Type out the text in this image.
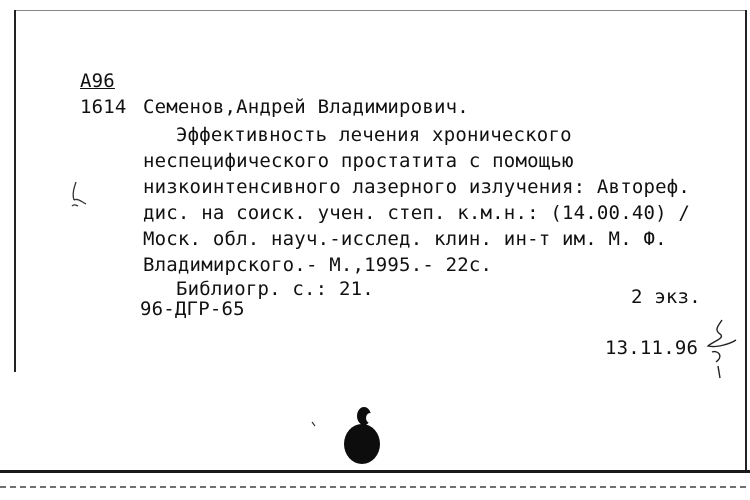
А96
1614 Семенов,Андрей Владимирович.
Эффективность лечения хронического
неспецифического простатита с помощью
низкоинтенсивного лазерного излучения: Автореф.
дис. на соиск. учен. степ. к.м.н.: (14.00.40) /
Моск. обл. науч.-исслед. клин. ин-т им. М. Ф.
Владимирского.- М.,1995.- 22с.
Библиогр. с.: 21.	2 экз.
96-ДГР-65
13.11.96
